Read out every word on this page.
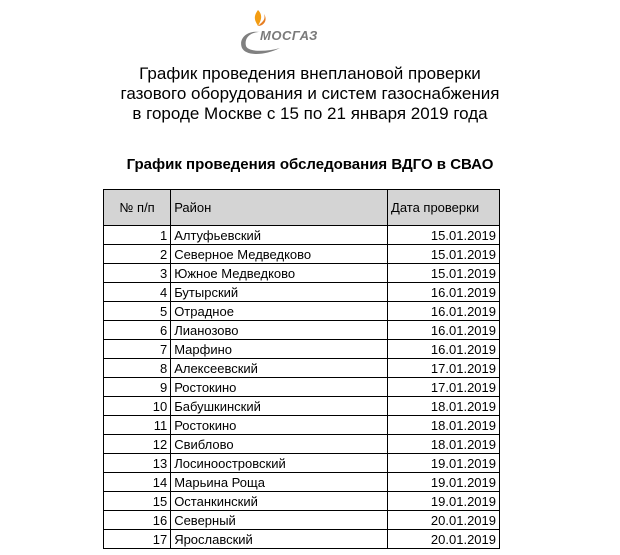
МОСГАЗ
График проведения внеплановой проверки
газового оборудования и систем газоснабжения
в городе Москве с 15 по 21 января 2019 года
График проведения обследования ВДГО в СВАО
№ п/п	Район	Дата проверки
1	Алтуфьевский	15.01.2019
2	Северное Медведково	15.01.2019
3	Южное Медведково	15.01.2019
4	Бутырский	16.01.2019
5	Отрадное	16.01.2019
6	Лианозово	16.01.2019
7	Марфино	16.01.2019
8	Алексеевский	17.01.2019
9	Ростокино	17.01.2019
10	Бабушкинский	18.01.2019
11	Ростокино	18.01.2019
12	Свиблово	18.01.2019
13	Лосиноостровский	19.01.2019
14	Марьина Роща	19.01.2019
15	Останкинский	19.01.2019
16	Северный	20.01.2019
17	Ярославский	20.01.2019
